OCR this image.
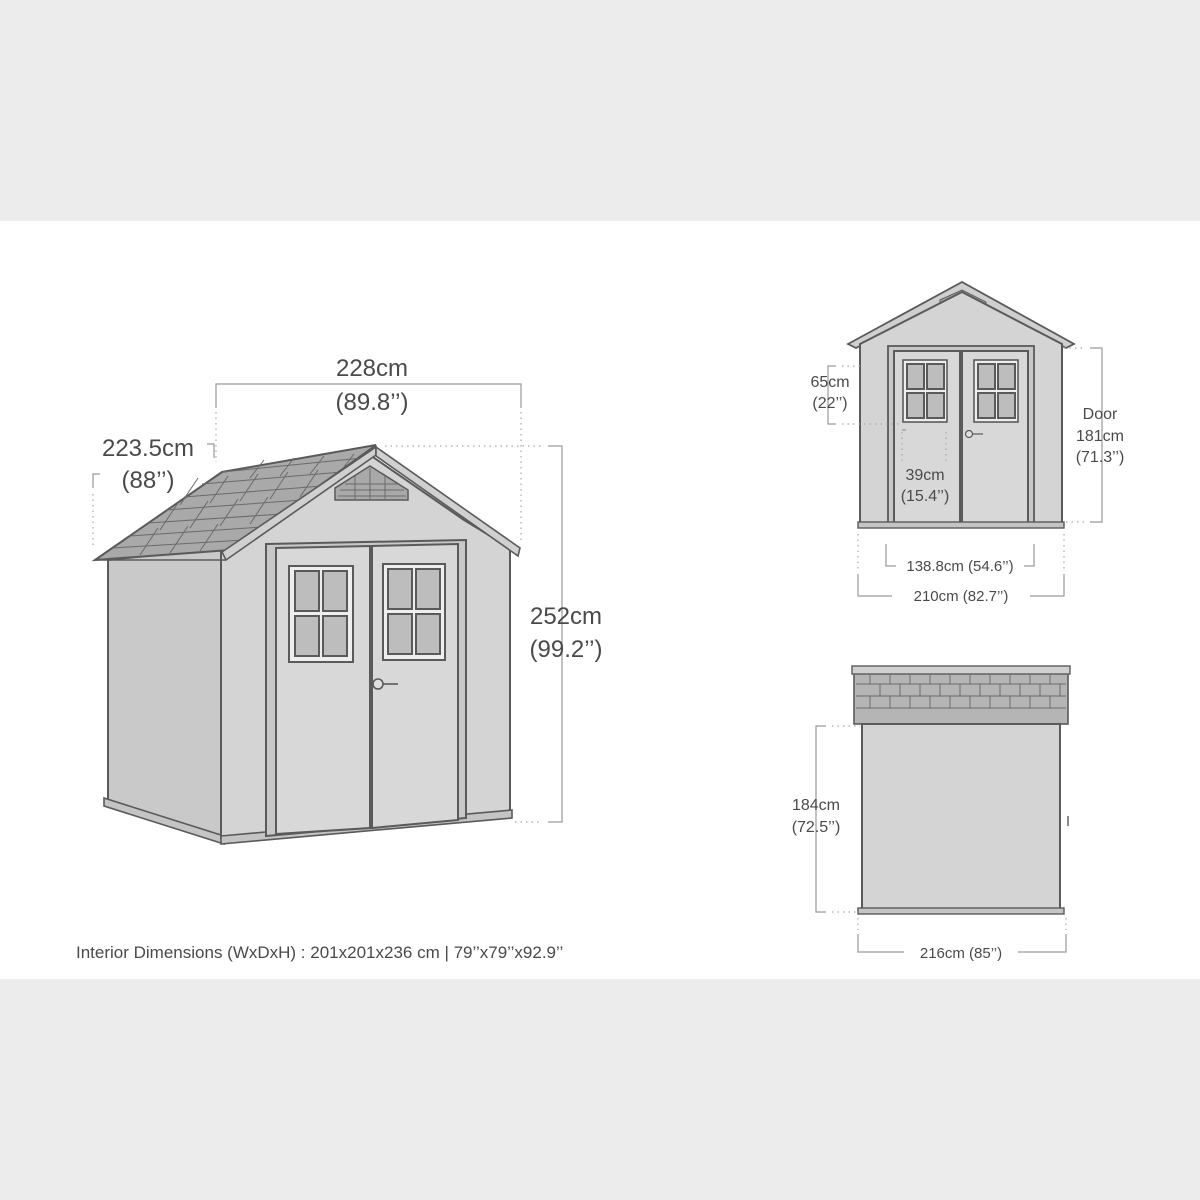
228cm
(89.8’’)
223.5cm
(88’’)
252cm
(99.2’’)
65cm
(22’’)
Door
181cm
(71.3’’)
39cm
(15.4’’)
138.8cm (54.6’’)
210cm (82.7’’)
184cm
(72.5’’)
216cm (85’’)
Interior Dimensions (WxDxH) : 201x201x236 cm | 79’’x79’’x92.9’’
